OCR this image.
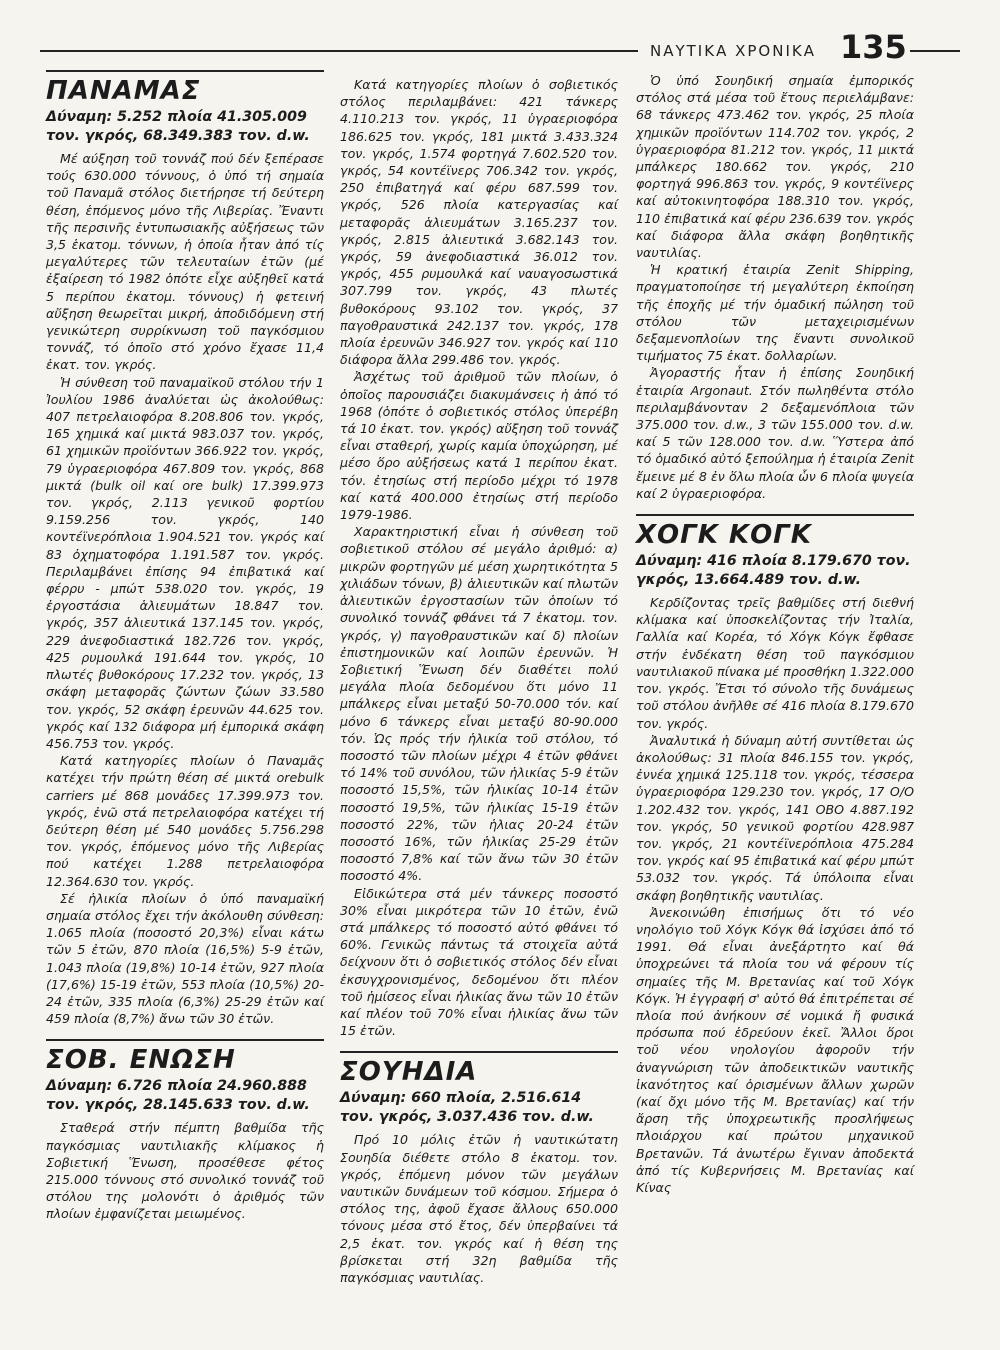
ΝΑΥΤΙΚΑ ΧΡΟΝΙΚΑ 135
ΠΑΝΑΜΑΣ
Δύναμη: 5.252 πλοία 41.305.009 τον. γκρός, 68.349.383 τον. d.w.

Μέ αύξηση τοῦ τοννάζ πού δέν ξεπέρασε τούς 630.000 τόννους, ὁ ὑπό τή σημαία τοῦ Παναμᾶ στόλος διετήρησε τή δεύτερη θέση, ἑπόμενος μόνο τῆς Λιβερίας. Ἔναντι τῆς περσινῆς ἐντυπωσιακῆς αὐξήσεως τῶν 3,5 ἑκατομ. τόννων, ἡ ὁποία ἦταν ἀπό τίς μεγαλύτερες τῶν τελευταίων ἐτῶν (μέ ἐξαίρεση τό 1982 ὁπότε εἶχε αὐξηθεῖ κατά 5 περίπου ἑκατομ. τόννους) ἡ φετεινή αὔξηση θεωρεῖται μικρή, ἀποδιδόμενη στή γενικώτερη συρρίκνωση τοῦ παγκόσμιου τοννάζ, τό ὁποῖο στό χρόνο ἔχασε 11,4 ἑκατ. τον. γκρός.

Ἡ σύνθεση τοῦ παναμαϊκοῦ στόλου τήν 1 Ἰουλίου 1986 ἀναλύεται ὡς ἀκολούθως: 407 πετρελαιοφόρα 8.208.806 τον. γκρός, 165 χημικά καί μικτά 983.037 τον. γκρός, 61 χημικῶν προϊόντων 366.922 τον. γκρός, 79 ὑγραεριοφόρα 467.809 τον. γκρός, 868 μικτά (bulk oil καί ore bulk) 17.399.973 τον. γκρός, 2.113 γενικοῦ φορτίου 9.159.256 τον. γκρός, 140 κοντέϊνερόπλοια 1.904.521 τον. γκρός καί 83 ὀχηματοφόρα 1.191.587 τον. γκρός. Περιλαμβάνει ἐπίσης 94 ἐπιβατικά καί φέρρυ - μπώτ 538.020 τον. γκρός, 19 ἐργοστάσια ἁλιευμάτων 18.847 τον. γκρός, 357 ἁλιευτικά 137.145 τον. γκρός, 229 ἀνεφοδιαστικά 182.726 τον. γκρός, 425 ρυμουλκά 191.644 τον. γκρός, 10 πλωτές βυθοκόρους 17.232 τον. γκρός, 13 σκάφη μεταφορᾶς ζώντων ζώων 33.580 τον. γκρός, 52 σκάφη ἐρευνῶν 44.625 τον. γκρός καί 132 διάφορα μή ἐμπορικά σκάφη 456.753 τον. γκρός.

Κατά κατηγορίες πλοίων ὁ Παναμᾶς κατέχει τήν πρώτη θέση σέ μικτά orebulk carriers μέ 868 μονάδες 17.399.973 τον. γκρός, ἐνῶ στά πετρελαιοφόρα κατέχει τή δεύτερη θέση μέ 540 μονάδες 5.756.298 τον. γκρός, ἑπόμενος μόνο τῆς Λιβερίας πού κατέχει 1.288 πετρελαιοφόρα 12.364.630 τον. γκρός.

Σέ ἡλικία πλοίων ὁ ὑπό παναμαϊκή σημαία στόλος ἔχει τήν ἀκόλουθη σύνθεση: 1.065 πλοία (ποσοστό 20,3%) εἶναι κάτω τῶν 5 ἐτῶν, 870 πλοία (16,5%) 5-9 ἐτῶν, 1.043 πλοία (19,8%) 10-14 ἐτῶν, 927 πλοία (17,6%) 15-19 ἐτῶν, 553 πλοία (10,5%) 20-24 ἐτῶν, 335 πλοία (6,3%) 25-29 ἐτῶν καί 459 πλοία (8,7%) ἄνω τῶν 30 ἐτῶν.

ΣΟΒ. ΕΝΩΣΗ
Δύναμη: 6.726 πλοία 24.960.888 τον. γκρός, 28.145.633 τον. d.w.

Σταθερά στήν πέμπτη βαθμίδα τῆς παγκόσμιας ναυτιλιακῆς κλίμακος ἡ Σοβιετική Ἕνωση, προσέθεσε φέτος 215.000 τόννους στό συνολικό τοννάζ τοῦ στόλου της μολονότι ὁ ἀριθμός τῶν πλοίων ἐμφανίζεται μειωμένος.

Κατά κατηγορίες πλοίων ὁ σοβιετικός στόλος περιλαμβάνει: 421 τάνκερς 4.110.213 τον. γκρός, 11 ὑγραεριοφόρα 186.625 τον. γκρός, 181 μικτά 3.433.324 τον. γκρός, 1.574 φορτηγά 7.602.520 τον. γκρός, 54 κοντέϊνερς 706.342 τον. γκρός, 250 ἐπιβατηγά καί φέρυ 687.599 τον. γκρός, 526 πλοία κατεργασίας καί μεταφορᾶς ἁλιευμάτων 3.165.237 τον. γκρός, 2.815 ἁλιευτικά 3.682.143 τον. γκρός, 59 ἀνεφοδιαστικά 36.012 τον. γκρός, 455 ρυμουλκά καί ναυαγοσωστικά 307.799 τον. γκρός, 43 πλωτές βυθοκόρους 93.102 τον. γκρός, 37 παγοθραυστικά 242.137 τον. γκρός, 178 πλοία ἐρευνῶν 346.927 τον. γκρός καί 110 διάφορα ἄλλα 299.486 τον. γκρός.

Ἀσχέτως τοῦ ἀριθμοῦ τῶν πλοίων, ὁ ὁποῖος παρουσιάζει διακυμάνσεις ἡ ἀπό τό 1968 (ὁπότε ὁ σοβιετικός στόλος ὑπερέβη τά 10 ἑκατ. τον. γκρός) αὔξηση τοῦ τοννάζ εἶναι σταθερή, χωρίς καμία ὑποχώρηση, μέ μέσο ὅρο αὐξήσεως κατά 1 περίπου ἑκατ. τόν. ἐτησίως στή περίοδο μέχρι τό 1978 καί κατά 400.000 ἐτησίως στή περίοδο 1979-1986.

Χαρακτηριστική εἶναι ἡ σύνθεση τοῦ σοβιετικοῦ στόλου σέ μεγάλο ἀριθμό: α) μικρῶν φορτηγῶν μέ μέση χωρητικότητα 5 χιλιάδων τόνων, β) ἁλιευτικῶν καί πλωτῶν ἁλιευτικῶν ἐργοστασίων τῶν ὁποίων τό συνολικό τοννάζ φθάνει τά 7 ἑκατομ. τον. γκρός, γ) παγοθραυστικῶν καί δ) πλοίων ἐπιστημονικῶν καί λοιπῶν ἐρευνῶν. Ἡ Σοβιετική Ἕνωση δέν διαθέτει πολύ μεγάλα πλοία δεδομένου ὅτι μόνο 11 μπάλκερς εἶναι μεταξύ 50-70.000 τόν. καί μόνο 6 τάνκερς εἶναι μεταξύ 80-90.000 τόν. Ὡς πρός τήν ἡλικία τοῦ στόλου, τό ποσοστό τῶν πλοίων μέχρι 4 ἐτῶν φθάνει τό 14% τοῦ συνόλου, τῶν ἡλικίας 5-9 ἐτῶν ποσοστό 15,5%, τῶν ἡλικίας 10-14 ἐτῶν ποσοστό 19,5%, τῶν ἡλικίας 15-19 ἐτῶν ποσοστό 22%, τῶν ἡλιας 20-24 ἐτῶν ποσοστό 16%, τῶν ἡλικίας 25-29 ἐτῶν ποσοστό 7,8% καί τῶν ἄνω τῶν 30 ἐτῶν ποσοστό 4%.

Εἰδικώτερα στά μέν τάνκερς ποσοστό 30% εἶναι μικρότερα τῶν 10 ἐτῶν, ἐνῶ στά μπάλκερς τό ποσοστό αὐτό φθάνει τό 60%. Γενικῶς πάντως τά στοιχεῖα αὐτά δείχνουν ὅτι ὁ σοβιετικός στόλος δέν εἶναι ἐκσυγχρονισμένος, δεδομένου ὅτι πλέον τοῦ ἡμίσεος εἶναι ἡλικίας ἄνω τῶν 10 ἐτῶν καί πλέον τοῦ 70% εἶναι ἡλικίας ἄνω τῶν 15 ἐτῶν.

ΣΟΥΗΔΙΑ
Δύναμη: 660 πλοία, 2.516.614 τον. γκρός, 3.037.436 τον. d.w.

Πρό 10 μόλις ἐτῶν ἡ ναυτικώτατη Σουηδία διέθετε στόλο 8 ἑκατομ. τον. γκρός, ἑπόμενη μόνον τῶν μεγάλων ναυτικῶν δυνάμεων τοῦ κόσμου. Σήμερα ὁ στόλος της, ἀφοῦ ἔχασε ἄλλους 650.000 τόνους μέσα στό ἔτος, δέν ὑπερβαίνει τά 2,5 ἑκατ. τον. γκρός καί ἡ θέση της βρίσκεται στή 32η βαθμίδα τῆς παγκόσμιας ναυτιλίας.

Ὁ ὑπό Σουηδική σημαία ἐμπορικός στόλος στά μέσα τοῦ ἔτους περιελάμβανε: 68 τάνκερς 473.462 τον. γκρός, 25 πλοία χημικῶν προϊόντων 114.702 τον. γκρός, 2 ὑγραεριοφόρα 81.212 τον. γκρός, 11 μικτά μπάλκερς 180.662 τον. γκρός, 210 φορτηγά 996.863 τον. γκρός, 9 κοντέϊνερς καί αὐτοκινητοφόρα 188.310 τον. γκρός, 110 ἐπιβατικά καί φέρυ 236.639 τον. γκρός καί διάφορα ἄλλα σκάφη βοηθητικῆς ναυτιλίας.

Ἡ κρατική ἑταιρία Zenit Shipping, πραγματοποίησε τή μεγαλύτερη ἐκποίηση τῆς ἐποχῆς μέ τήν ὁμαδική πώληση τοῦ στόλου τῶν μεταχειρισμένων δεξαμενοπλοίων της ἔναντι συνολικοῦ τιμήματος 75 ἑκατ. δολλαρίων.

Ἀγοραστής ἦταν ἡ ἐπίσης Σουηδική ἑταιρία Argonaut. Στόν πωληθέντα στόλο περιλαμβάνονταν 2 δεξαμενόπλοια τῶν 375.000 τον. d.w., 3 τῶν 155.000 τον. d.w. καί 5 τῶν 128.000 τον. d.w. Ὕστερα ἀπό τό ὁμαδικό αὐτό ξεπούλημα ἡ ἑταιρία Zenit ἔμεινε μέ 8 ἐν ὅλω πλοία ὧν 6 πλοία ψυγεία καί 2 ὑγραεριοφόρα.

ΧΟΓΚ ΚΟΓΚ
Δύναμη: 416 πλοία 8.179.670 τον. γκρός, 13.664.489 τον. d.w.

Κερδίζοντας τρεῖς βαθμίδες στή διεθνή κλίμακα καί ὑποσκελίζοντας τήν Ἰταλία, Γαλλία καί Κορέα, τό Χόγκ Κόγκ ἔφθασε στήν ἑνδέκατη θέση τοῦ παγκόσμιου ναυτιλιακοῦ πίνακα μέ προσθήκη 1.322.000 τον. γκρός. Ἔτσι τό σύνολο τῆς δυνάμεως τοῦ στόλου ἀνῆλθε σέ 416 πλοία 8.179.670 τον. γκρός.

Ἀναλυτικά ἡ δύναμη αὐτή συντίθεται ὡς ἀκολούθως: 31 πλοία 846.155 τον. γκρός, ἐννέα χημικά 125.118 τον. γκρός, τέσσερα ὑγραεριοφόρα 129.230 τον. γκρός, 17 Ο/Ο 1.202.432 τον. γκρός, 141 ΟΒΟ 4.887.192 τον. γκρός, 50 γενικοῦ φορτίου 428.987 τον. γκρός, 21 κοντέϊνερόπλοια 475.284 τον. γκρός καί 95 ἐπιβατικά καί φέρυ μπώτ 53.032 τον. γκρός. Τά ὑπόλοιπα εἶναι σκάφη βοηθητικῆς ναυτιλίας.

Ἀνεκοινώθη ἐπισήμως ὅτι τό νέο νηολόγιο τοῦ Χόγκ Κόγκ θά ἰσχύσει ἀπό τό 1991. Θά εἶναι ἀνεξάρτητο καί θά ὑποχρεώνει τά πλοία του νά φέρουν τίς σημαίες τῆς Μ. Βρετανίας καί τοῦ Χόγκ Κόγκ. Ἡ ἐγγραφή σ' αὐτό θά ἐπιτρέπεται σέ πλοία πού ἀνήκουν σέ νομικά ἤ φυσικά πρόσωπα πού ἑδρεύουν ἐκεῖ. Ἄλλοι ὅροι τοῦ νέου νηολογίου ἀφοροῦν τήν ἀναγνώριση τῶν ἀποδεικτικῶν ναυτικῆς ἱκανότητος καί ὁρισμένων ἄλλων χωρῶν (καί ὄχι μόνο τῆς Μ. Βρετανίας) καί τήν ἄρση τῆς ὑποχρεωτικῆς προσλήψεως πλοιάρχου καί πρώτου μηχανικοῦ Βρετανῶν. Τά ἀνωτέρω ἔγιναν ἀποδεκτά ἀπό τίς Κυβερνήσεις Μ. Βρετανίας καί Κίνας
